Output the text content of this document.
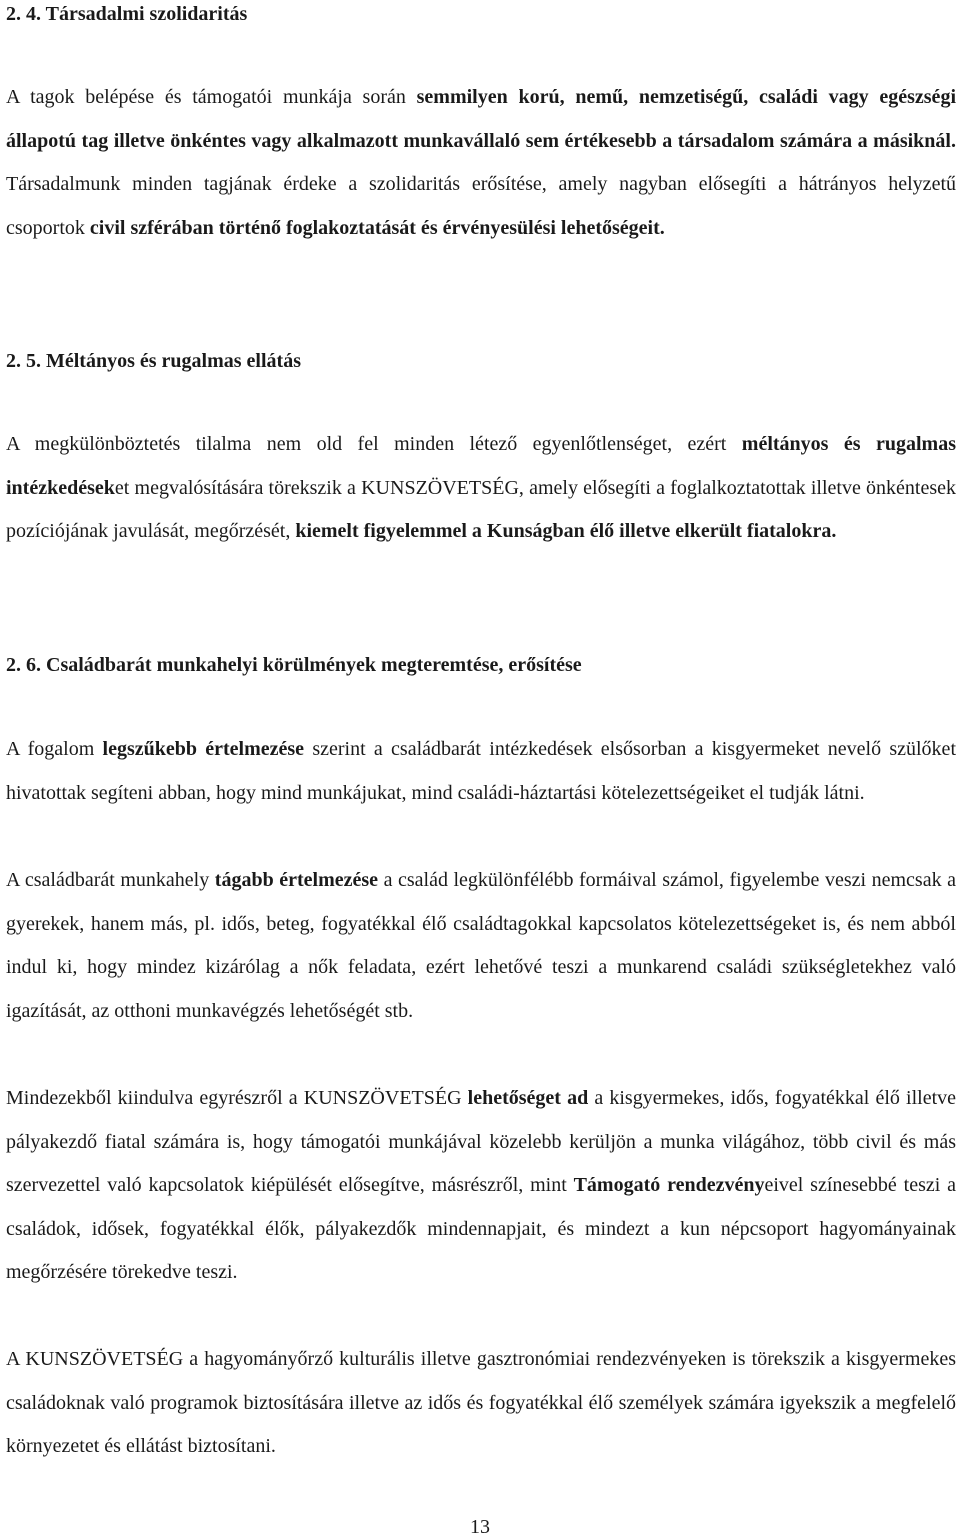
2. 4. Társadalmi szolidaritás

A tagok belépése és támogatói munkája során semmilyen korú, nemű, nemzetiségű, családi vagy egészségi állapotú tag illetve önkéntes vagy alkalmazott munkavállaló sem értékesebb a társadalom számára a másiknál. Társadalmunk minden tagjának érdeke a szolidaritás erősítése, amely nagyban elősegíti a hátrányos helyzetű csoportok civil szférában történő foglakoztatását és érvényesülési lehetőségeit.

2. 5. Méltányos és rugalmas ellátás

A megkülönböztetés tilalma nem old fel minden létező egyenlőtlenséget, ezért méltányos és rugalmas intézkedéseket megvalósítására törekszik a KUNSZÖVETSÉG, amely elősegíti a foglalkoztatottak illetve önkéntesek pozíciójának javulását, megőrzését, kiemelt figyelemmel a Kunságban élő illetve elkerült fiatalokra.

2. 6. Családbarát munkahelyi körülmények megteremtése, erősítése

A fogalom legszűkebb értelmezése szerint a családbarát intézkedések elsősorban a kisgyermeket nevelő szülőket hivatottak segíteni abban, hogy mind munkájukat, mind családi-háztartási kötelezettségeiket el tudják látni.

A családbarát munkahely tágabb értelmezése a család legkülönfélébb formáival számol, figyelembe veszi nemcsak a gyerekek, hanem más, pl. idős, beteg, fogyatékkal élő családtagokkal kapcsolatos kötelezettségeket is, és nem abból indul ki, hogy mindez kizárólag a nők feladata, ezért lehetővé teszi a munkarend családi szükségletekhez való igazítását, az otthoni munkavégzés lehetőségét stb.

Mindezekből kiindulva egyrészről a KUNSZÖVETSÉG lehetőséget ad a kisgyermekes, idős, fogyatékkal élő illetve pályakezdő fiatal számára is, hogy támogatói munkájával közelebb kerüljön a munka világához, több civil és más szervezettel való kapcsolatok kiépülését elősegítve, másrészről, mint Támogató rendezvényeivel színesebbé teszi a családok, idősek, fogyatékkal élők, pályakezdők mindennapjait, és mindezt a kun népcsoport hagyományainak megőrzésére törekedve teszi.

A KUNSZÖVETSÉG a hagyományőrző kulturális illetve gasztronómiai rendezvényeken is törekszik a kisgyermekes családoknak való programok biztosítására illetve az idős és fogyatékkal élő személyek számára igyekszik a megfelelő környezetet és ellátást biztosítani.

13
